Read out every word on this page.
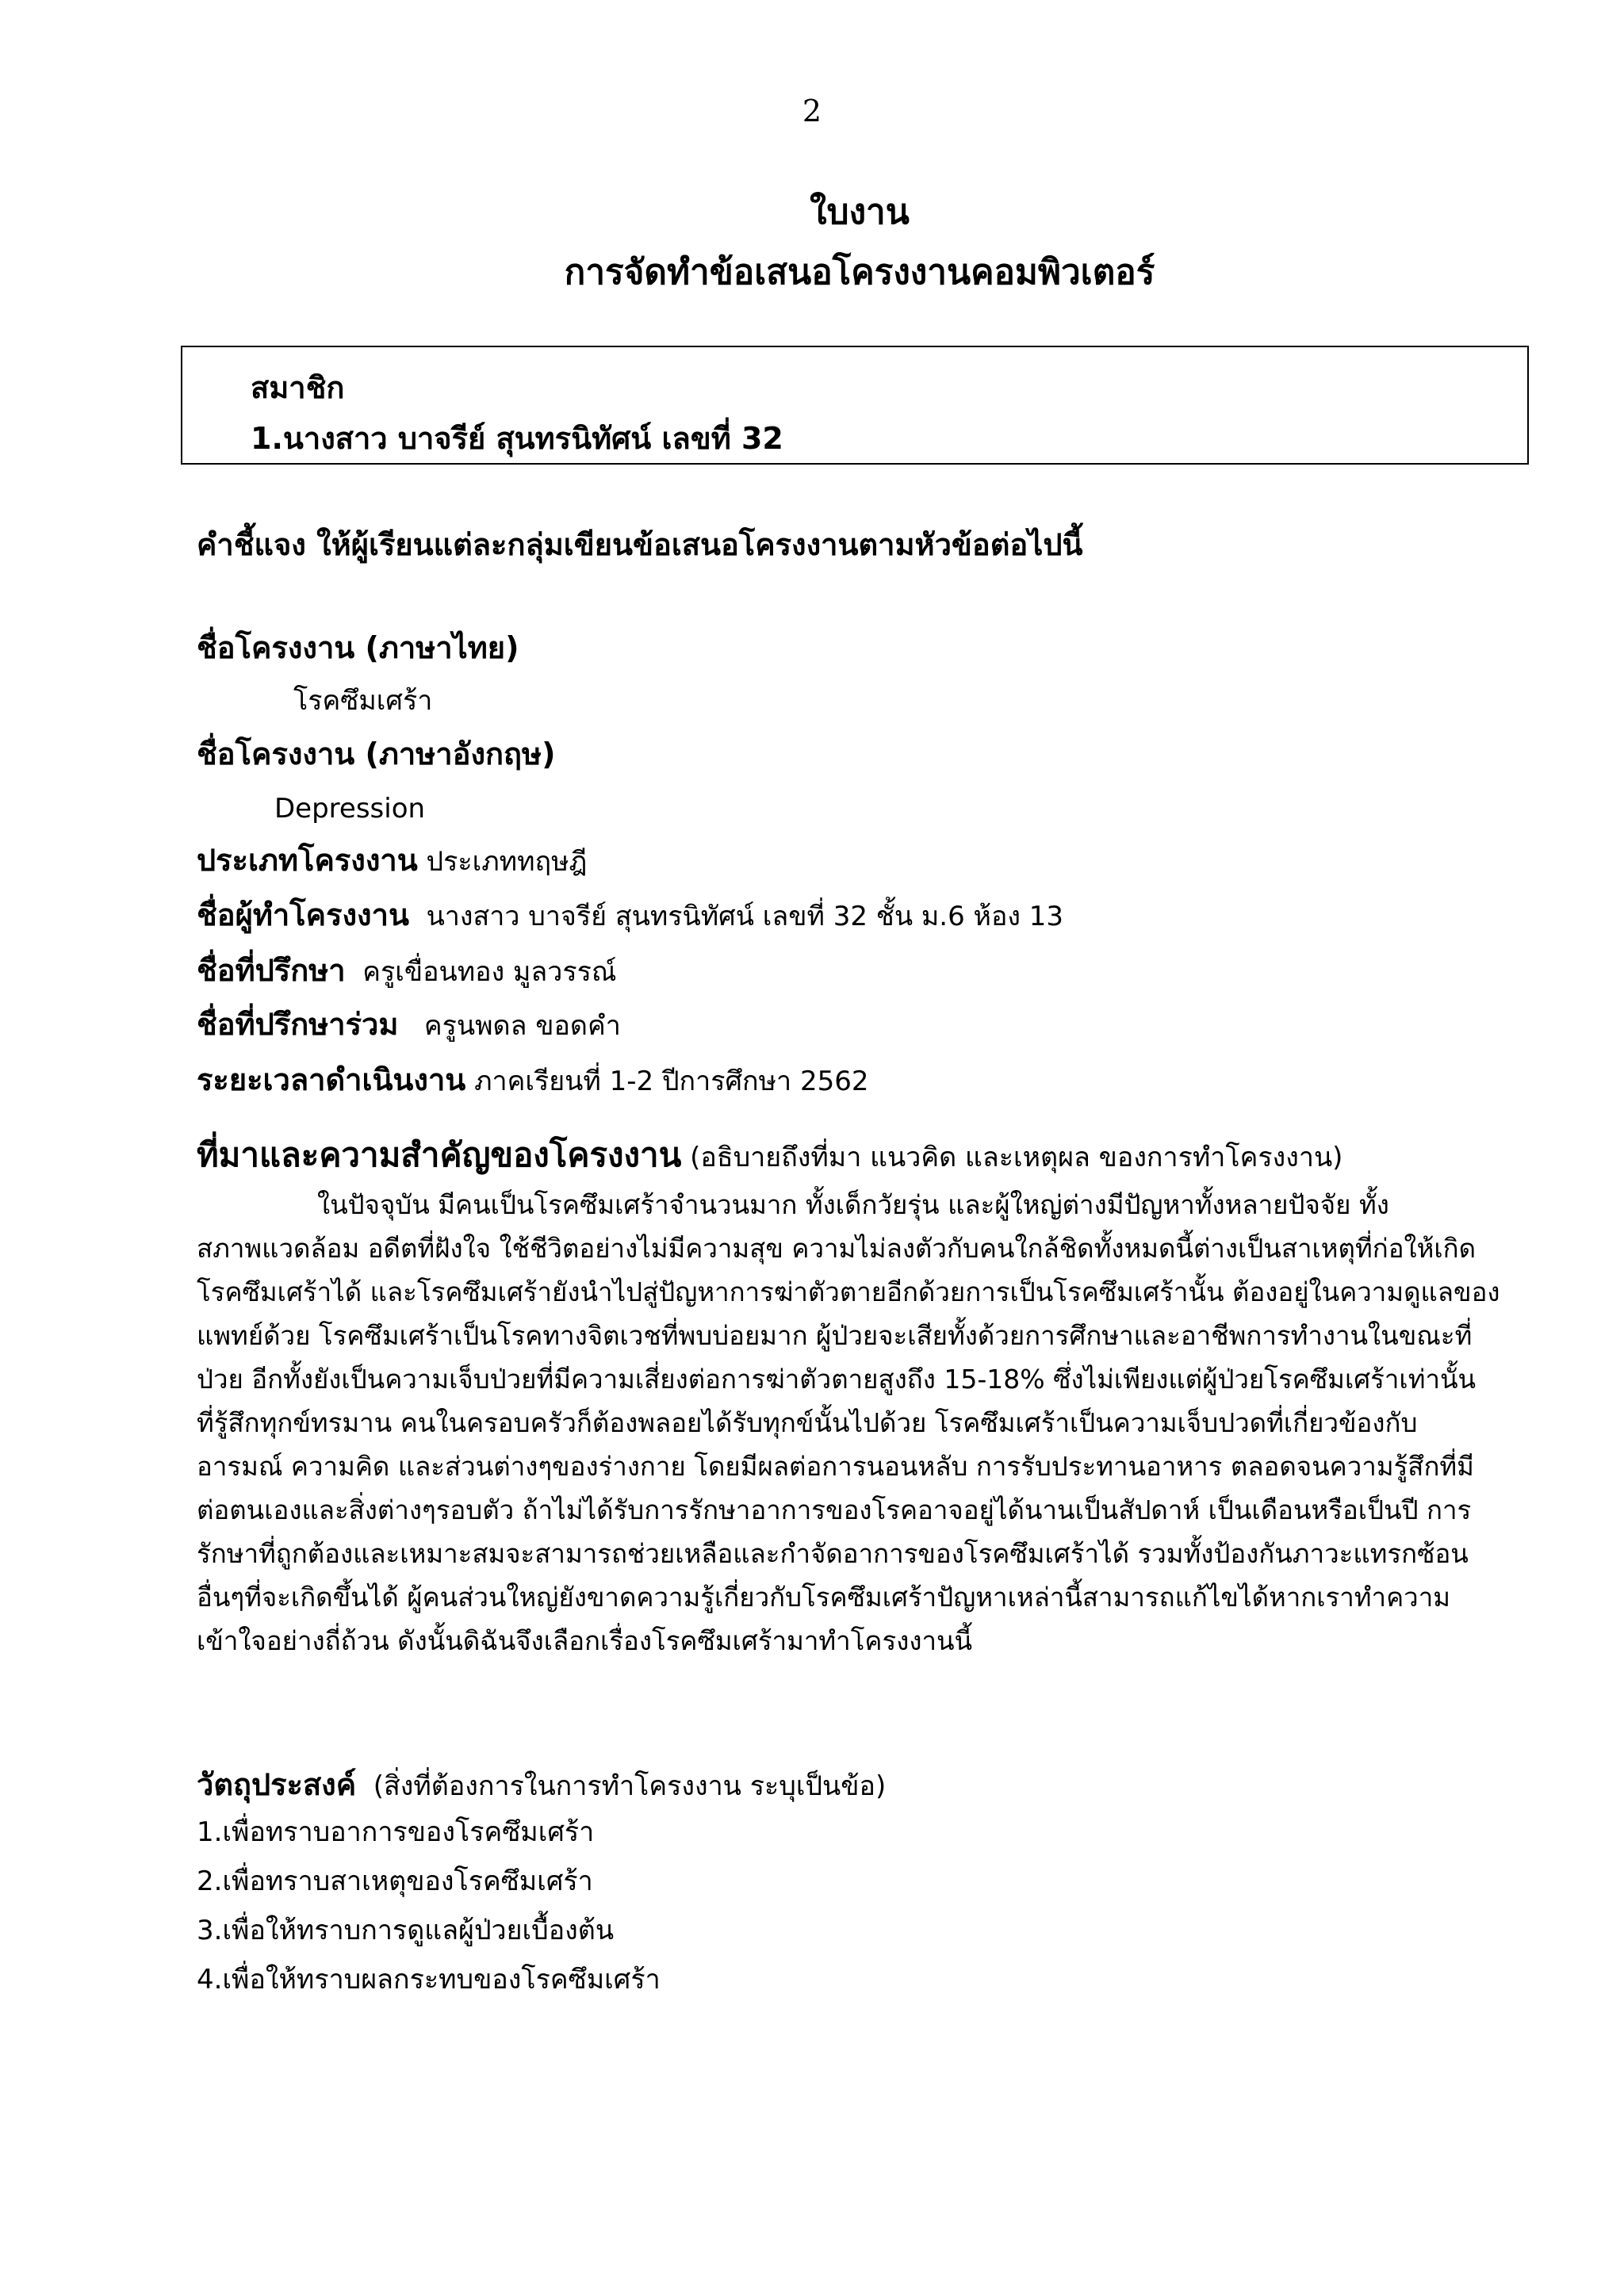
2
ใบงาน
การจัดทำข้อเสนอโครงงานคอมพิวเตอร์
สมาชิก
1.นางสาว บาจรีย์ สุนทรนิทัศน์ เลขที่ 32
คำชี้แจง ให้ผู้เรียนแต่ละกลุ่มเขียนข้อเสนอโครงงานตามหัวข้อต่อไปนี้
ชื่อโครงงาน (ภาษาไทย)
โรคซึมเศร้า
ชื่อโครงงาน (ภาษาอังกฤษ)
Depression
ประเภทโครงงาน ประเภททฤษฎี
ชื่อผู้ทำโครงงาน นางสาว บาจรีย์ สุนทรนิทัศน์ เลขที่ 32 ชั้น ม.6 ห้อง 13
ชื่อที่ปรึกษา ครูเขื่อนทอง มูลวรรณ์
ชื่อที่ปรึกษาร่วม ครูนพดล ขอดคำ
ระยะเวลาดำเนินงาน ภาคเรียนที่ 1-2 ปีการศึกษา 2562
ที่มาและความสำคัญของโครงงาน (อธิบายถึงที่มา แนวคิด และเหตุผล ของการทำโครงงาน)
ในปัจจุบัน มีคนเป็นโรคซึมเศร้าจำนวนมาก ทั้งเด็กวัยรุ่น และผู้ใหญ่ต่างมีปัญหาทั้งหลายปัจจัย ทั้ง
สภาพแวดล้อม อดีตที่ฝังใจ ใช้ชีวิตอย่างไม่มีความสุข ความไม่ลงตัวกับคนใกล้ชิดทั้งหมดนี้ต่างเป็นสาเหตุที่ก่อให้เกิด
โรคซึมเศร้าได้ และโรคซึมเศร้ายังนำไปสู่ปัญหาการฆ่าตัวตายอีกด้วยการเป็นโรคซึมเศร้านั้น ต้องอยู่ในความดูแลของ
แพทย์ด้วย โรคซึมเศร้าเป็นโรคทางจิตเวชที่พบบ่อยมาก ผู้ป่วยจะเสียทั้งด้วยการศึกษาและอาชีพการทำงานในขณะที่
ป่วย อีกทั้งยังเป็นความเจ็บป่วยที่มีความเสี่ยงต่อการฆ่าตัวตายสูงถึง 15-18% ซึ่งไม่เพียงแต่ผู้ป่วยโรคซึมเศร้าเท่านั้น
ที่รู้สึกทุกข์ทรมาน คนในครอบครัวก็ต้องพลอยได้รับทุกข์นั้นไปด้วย โรคซึมเศร้าเป็นความเจ็บปวดที่เกี่ยวข้องกับ
อารมณ์ ความคิด และส่วนต่างๆของร่างกาย โดยมีผลต่อการนอนหลับ การรับประทานอาหาร ตลอดจนความรู้สึกที่มี
ต่อตนเองและสิ่งต่างๆรอบตัว ถ้าไม่ได้รับการรักษาอาการของโรคอาจอยู่ได้นานเป็นสัปดาห์ เป็นเดือนหรือเป็นปี การ
รักษาที่ถูกต้องและเหมาะสมจะสามารถช่วยเหลือและกำจัดอาการของโรคซึมเศร้าได้ รวมทั้งป้องกันภาวะแทรกซ้อน
อื่นๆที่จะเกิดขึ้นได้ ผู้คนส่วนใหญ่ยังขาดความรู้เกี่ยวกับโรคซึมเศร้าปัญหาเหล่านี้สามารถแก้ไขได้หากเราทำความ
เข้าใจอย่างถี่ถ้วน ดังนั้นดิฉันจึงเลือกเรื่องโรคซึมเศร้ามาทำโครงงานนี้
วัตถุประสงค์ (สิ่งที่ต้องการในการทำโครงงาน ระบุเป็นข้อ)
1.เพื่อทราบอาการของโรคซึมเศร้า
2.เพื่อทราบสาเหตุของโรคซึมเศร้า
3.เพื่อให้ทราบการดูแลผู้ป่วยเบื้องต้น
4.เพื่อให้ทราบผลกระทบของโรคซึมเศร้า
